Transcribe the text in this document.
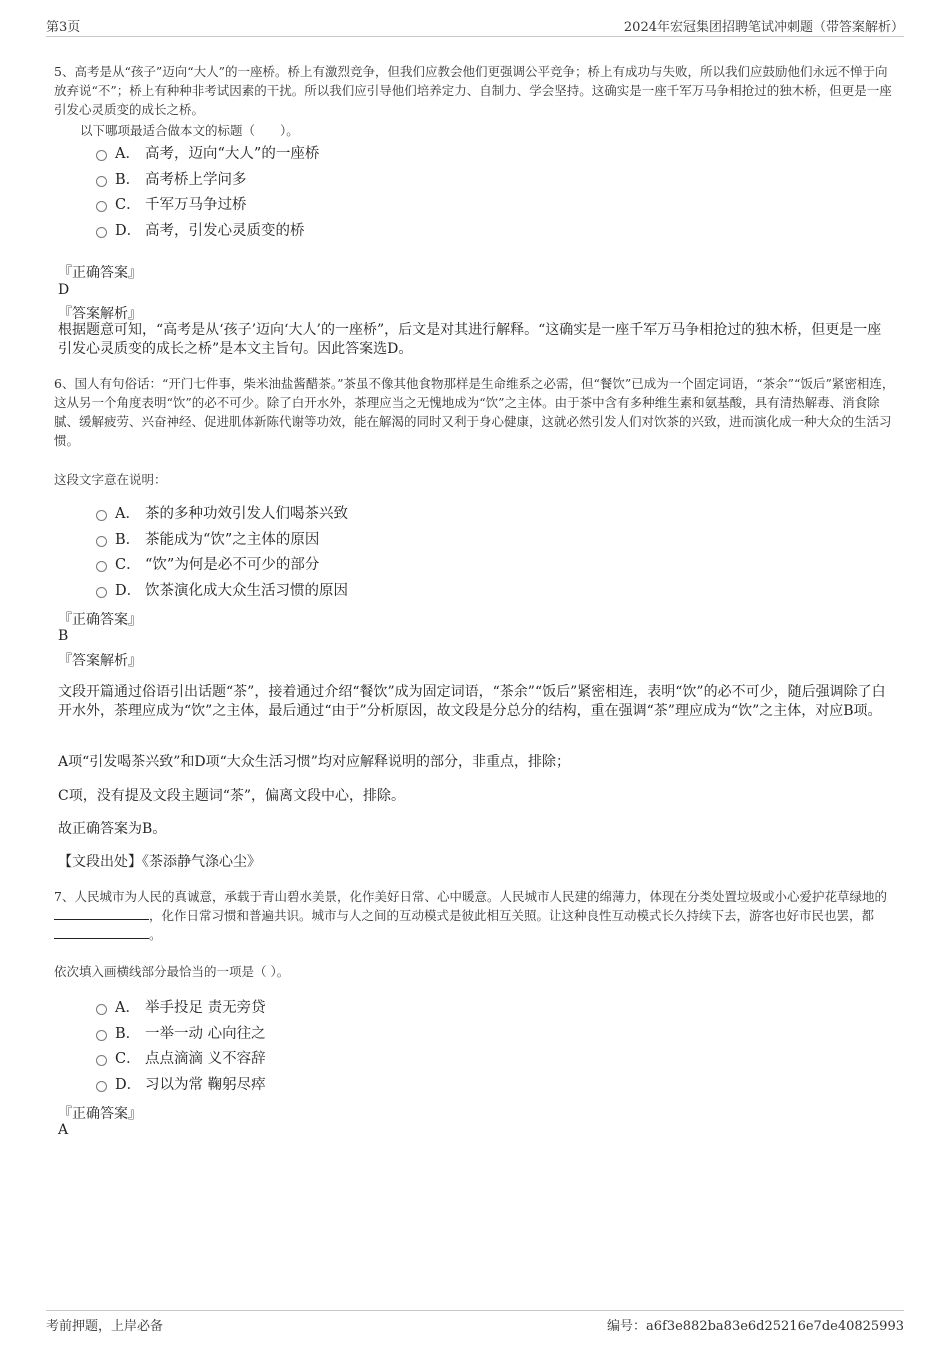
第3页	2024年宏冠集团招聘笔试冲刺题（带答案解析）
5、高考是从“孩子”迈向“大人”的一座桥。桥上有激烈竞争，但我们应教会他们更强调公平竞争；桥上有成功与失败，所以我们应鼓励他们永远不惮于向放弃说“不”；桥上有种种非考试因素的干扰。所以我们应引导他们培养定力、自制力、学会坚持。这确实是一座千军万马争相抢过的独木桥，但更是一座引发心灵质变的成长之桥。
以下哪项最适合做本文的标题（　　）。
A． 高考，迈向“大人”的一座桥
B． 高考桥上学问多
C． 千军万马争过桥
D． 高考，引发心灵质变的桥
『正确答案』
D
『答案解析』
根据题意可知，“高考是从‘孩子’迈向‘大人’的一座桥”，后文是对其进行解释。“这确实是一座千军万马争相抢过的独木桥，但更是一座引发心灵质变的成长之桥”是本文主旨句。因此答案选D。
6、国人有句俗话：“开门七件事，柴米油盐酱醋茶。”茶虽不像其他食物那样是生命维系之必需，但“餐饮”已成为一个固定词语，“茶余”“饭后”紧密相连，这从另一个角度表明“饮”的必不可少。除了白开水外，茶理应当之无愧地成为“饮”之主体。由于茶中含有多种维生素和氨基酸，具有清热解毒、消食除腻、缓解疲劳、兴奋神经、促进肌体新陈代谢等功效，能在解渴的同时又利于身心健康，这就必然引发人们对饮茶的兴致，进而演化成一种大众的生活习惯。
这段文字意在说明：
A． 茶的多种功效引发人们喝茶兴致
B． 茶能成为“饮”之主体的原因
C． “饮”为何是必不可少的部分
D． 饮茶演化成大众生活习惯的原因
『正确答案』
B
『答案解析』
文段开篇通过俗语引出话题“茶”，接着通过介绍“餐饮”成为固定词语，“茶余”“饭后”紧密相连，表明“饮”的必不可少，随后强调除了白开水外，茶理应成为“饮”之主体，最后通过“由于”分析原因，故文段是分总分的结构，重在强调“茶”理应成为“饮”之主体，对应B项。
A项“引发喝茶兴致”和D项“大众生活习惯”均对应解释说明的部分，非重点，排除；
C项，没有提及文段主题词“茶”，偏离文段中心，排除。
故正确答案为B。
【文段出处】《茶添静气涤心尘》
7、人民城市为人民的真诚意，承载于青山碧水美景，化作美好日常、心中暖意。人民城市人民建的绵薄力，体现在分类处置垃圾或小心爱护花草绿地的，化作日常习惯和普遍共识。城市与人之间的互动模式是彼此相互关照。让这种良性互动模式长久持续下去，游客也好市民也罢，都。
依次填入画横线部分最恰当的一项是（ ）。
A． 举手投足 责无旁贷
B． 一举一动 心向往之
C． 点点滴滴 义不容辞
D． 习以为常 鞠躬尽瘁
『正确答案』
A
考前押题，上岸必备	编号：a6f3e882ba83e6d25216e7de40825993
